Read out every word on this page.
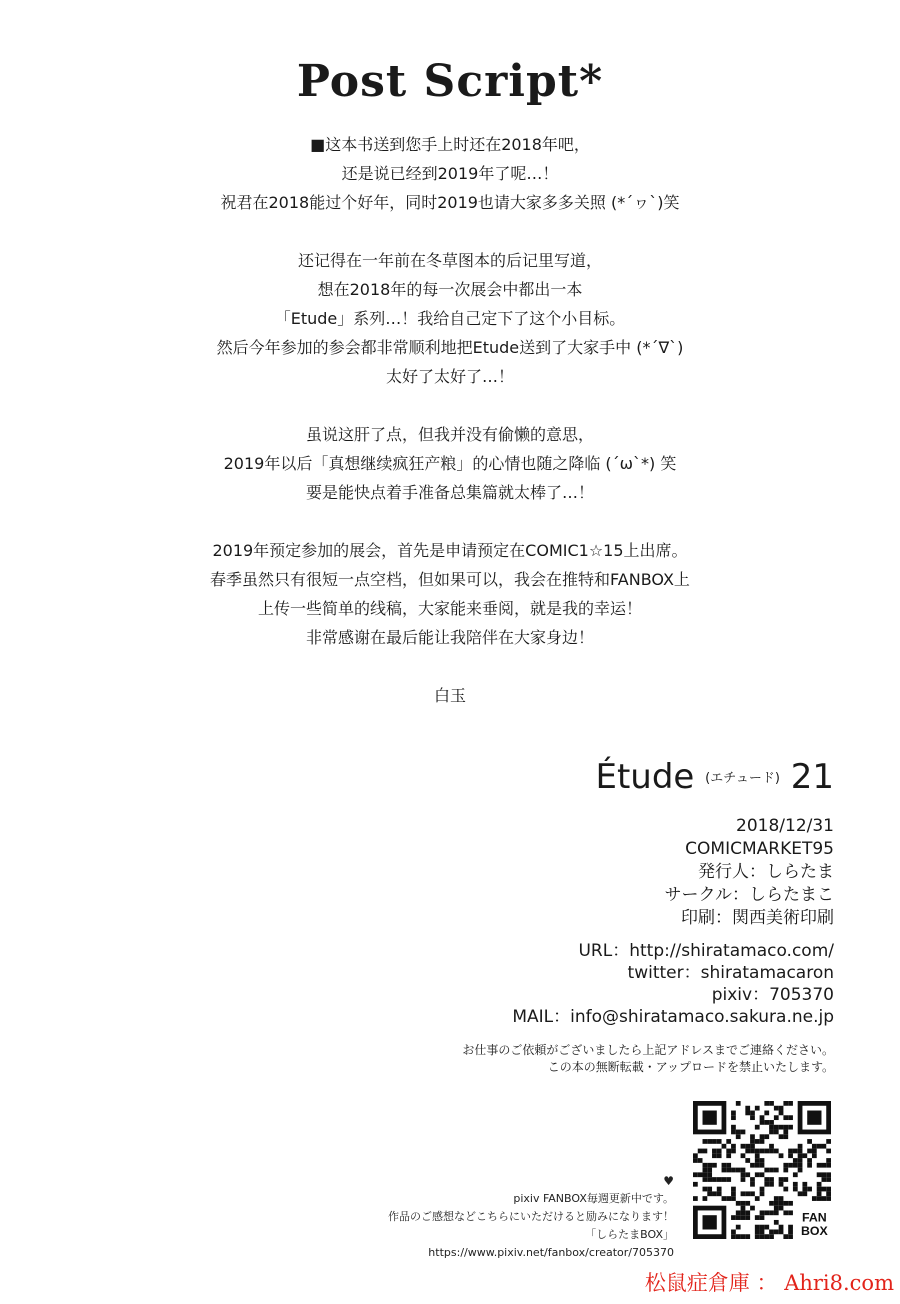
Post Script*
■这本书送到您手上时还在2018年吧，
还是说已经到2019年了呢…！
祝君在2018能过个好年，同时2019也请大家多多关照 (*´ヮ`)笑
还记得在一年前在冬草图本的后记里写道，
想在2018年的每一次展会中都出一本
「Etude」系列…！我给自己定下了这个小目标。
然后今年参加的参会都非常顺利地把Etude送到了大家手中 (*´∇`)
太好了太好了…！
虽说这肝了点，但我并没有偷懒的意思，
2019年以后「真想继续疯狂产粮」的心情也随之降临 (´ω`*) 笑
要是能快点着手准备总集篇就太棒了…！
2019年预定参加的展会，首先是申请预定在COMIC1☆15上出席。
春季虽然只有很短一点空档，但如果可以，我会在推特和FANBOX上
上传一些简单的线稿，大家能来垂阅，就是我的幸运！
非常感谢在最后能让我陪伴在大家身边！
白玉
Étude (エチュード) 21
2018/12/31
COMICMARKET95
発行人：しらたま
サークル：しらたまこ
印刷：関西美術印刷
URL：http://shiratamaco.com/
twitter：shiratamacaron
pixiv：705370
MAIL：info@shiratamaco.sakura.ne.jp
お仕事のご依頼がございましたら上記アドレスまでご連絡ください。
この本の無断転載・アップロードを禁止いたします。
♥
pixiv FANBOX毎週更新中です。
作品のご感想などこちらにいただけると励みになります！
「しらたまBOX」
https://www.pixiv.net/fanbox/creator/705370
FAN
BOX
松鼠症倉庫 ： Ahri8.com
